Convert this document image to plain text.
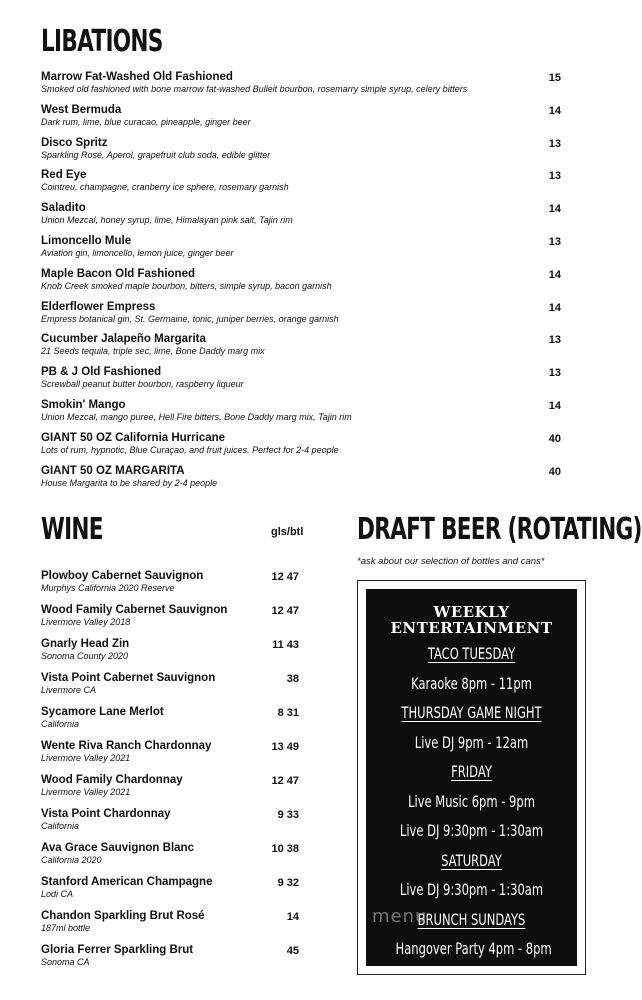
LIBATIONS
Marrow Fat-Washed Old Fashioned
Smoked old fashioned with bone marrow fat-washed Bulleit bourbon, rosemarry simple syrup, celery bitters
15
West Bermuda
Dark rum, lime, blue curacao, pineapple, ginger beer
14
Disco Spritz
Sparkling Rosé, Aperol, grapefruit club soda, edible glitter
13
Red Eye
Cointreu, champagne, cranberry ice sphere, rosemary garnish
13
Saladito
Union Mezcal, honey syrup, lime, Himalayan pink salt, Tajin rim
14
Limoncello Mule
Aviation gin, limoncello, lemon juice, ginger beer
13
Maple Bacon Old Fashioned
Knob Creek smoked maple bourbon, bitters, simple syrup, bacon garnish
14
Elderflower Empress
Empress botanical gin, St. Germaine, tonic, juniper berries, orange garnish
14
Cucumber Jalapeño Margarita
21 Seeds tequila, triple sec, lime, Bone Daddy marg mix
13
PB & J Old Fashioned
Screwball peanut butter bourbon, raspberry liqueur
13
Smokin' Mango
Union Mezcal, mango puree, Hell Fire bitters, Bone Daddy marg mix, Tajin rim
14
GIANT 50 OZ California Hurricane
Lots of rum, hypnotic, Blue Curaçao, and fruit juices. Perfect for 2-4 people
40
GIANT 50 OZ MARGARITA
House Margarita to be shared by 2-4 people
40
WINE	gls/btl
Plowboy Cabernet Sauvignon
Murphys California 2020 Reserve
12 47
Wood Family Cabernet Sauvignon
Livermore Valley 2018
12 47
Gnarly Head Zin
Sonoma County 2020
11 43
Vista Point Cabernet Sauvignon
Livermore CA
38
Sycamore Lane Merlot
California
8 31
Wente Riva Ranch Chardonnay
Livermore Valley 2021
13 49
Wood Family Chardonnay
Livermore Valley 2021
12 47
Vista Point Chardonnay
California
9 33
Ava Grace Sauvignon Blanc
California 2020
10 38
Stanford American Champagne
Lodi CA
9 32
Chandon Sparkling Brut Rosé
187ml bottle
14
Gloria Ferrer Sparkling Brut
Sonoma CA
45
DRAFT BEER (ROTATING)
*ask about our selection of bottles and cans*
WEEKLY
ENTERTAINMENT
TACO TUESDAY
Karaoke 8pm - 11pm
THURSDAY GAME NIGHT
Live DJ 9pm - 12am
FRIDAY
Live Music 6pm - 9pm
Live DJ 9:30pm - 1:30am
SATURDAY
Live DJ 9:30pm - 1:30am
BRUNCH SUNDAYS
Hangover Party 4pm - 8pm
menu
